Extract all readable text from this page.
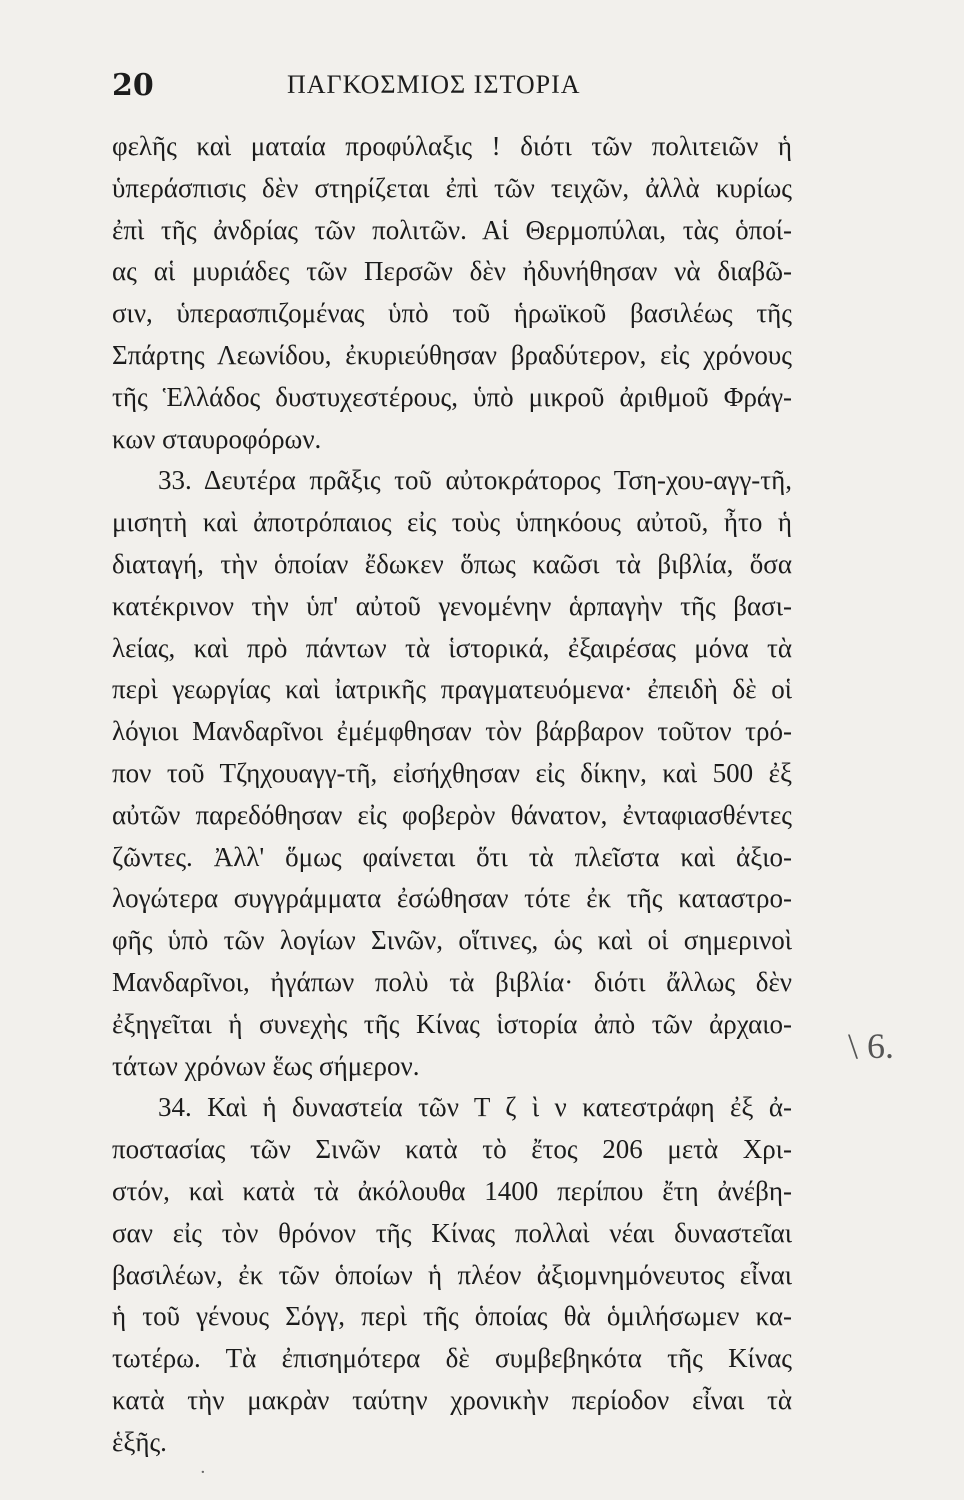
20	ΠΑΓΚΟΣΜΙΟΣ ΙΣΤΟΡΙΑ
φελῆς καὶ ματαία προφύλαξις ! διότι τῶν πολιτειῶν ἡ
ὑπεράσπισις δὲν στηρίζεται ἐπὶ τῶν τειχῶν, ἀλλὰ κυρίως
ἐπὶ τῆς ἀνδρίας τῶν πολιτῶν. Αἱ Θερμοπύλαι, τὰς ὁποί-
ας αἱ μυριάδες τῶν Περσῶν δὲν ἠδυνήθησαν νὰ διαβῶ-
σιν, ὑπερασπιζομένας ὑπὸ τοῦ ἡρωϊκοῦ βασιλέως τῆς
Σπάρτης Λεωνίδου, ἐκυριεύθησαν βραδύτερον, εἰς χρόνους
τῆς Ἑλλάδος δυστυχεστέρους, ὑπὸ μικροῦ ἀριθμοῦ Φράγ-
κων σταυροφόρων.
33. Δευτέρα πρᾶξις τοῦ αὐτοκράτορος Τση-χου-αγγ-τῆ,
μισητὴ καὶ ἀποτρόπαιος εἰς τοὺς ὑπηκόους αὐτοῦ, ἦτο ἡ
διαταγή, τὴν ὁποίαν ἔδωκεν ὅπως καῶσι τὰ βιβλία, ὅσα
κατέκρινον τὴν ὑπ' αὐτοῦ γενομένην ἁρπαγὴν τῆς βασι-
λείας, καὶ πρὸ πάντων τὰ ἱστορικά, ἐξαιρέσας μόνα τὰ
περὶ γεωργίας καὶ ἰατρικῆς πραγματευόμενα· ἐπειδὴ δὲ οἱ
λόγιοι Μανδαρῖνοι ἐμέμφθησαν τὸν βάρβαρον τοῦτον τρό-
πον τοῦ Τζηχουαγγ-τῆ, εἰσήχθησαν εἰς δίκην, καὶ 500 ἐξ
αὐτῶν παρεδόθησαν εἰς φοβερὸν θάνατον, ἐνταφιασθέντες
ζῶντες. Ἀλλ' ὅμως φαίνεται ὅτι τὰ πλεῖστα καὶ ἀξιο-
λογώτερα συγγράμματα ἐσώθησαν τότε ἐκ τῆς καταστρο-
φῆς ὑπὸ τῶν λογίων Σινῶν, οἵτινες, ὡς καὶ οἱ σημερινοὶ
Μανδαρῖνοι, ἠγάπων πολὺ τὰ βιβλία· διότι ἄλλως δὲν
ἐξηγεῖται ἡ συνεχὴς τῆς Κίνας ἱστορία ἀπὸ τῶν ἀρχαιο-
τάτων χρόνων ἕως σήμερον.
34. Καὶ ἡ δυναστεία τῶν Τ ζ ὶ ν κατεστράφη ἐξ ἀ-
ποστασίας τῶν Σινῶν κατὰ τὸ ἔτος 206 μετὰ Χρι-
στόν, καὶ κατὰ τὰ ἀκόλουθα 1400 περίπου ἔτη ἀνέβη-
σαν εἰς τὸν θρόνον τῆς Κίνας πολλαὶ νέαι δυναστεῖαι
βασιλέων, ἐκ τῶν ὁποίων ἡ πλέον ἀξιομνημόνευτος εἶναι
ἡ τοῦ γένους Σόγγ, περὶ τῆς ὁποίας θὰ ὁμιλήσωμεν κα-
τωτέρω. Τὰ ἐπισημότερα δὲ συμβεβηκότα τῆς Κίνας
κατὰ τὴν μακρὰν ταύτην χρονικὴν περίοδον εἶναι τὰ
ἑξῆς.
\ 6.
·
